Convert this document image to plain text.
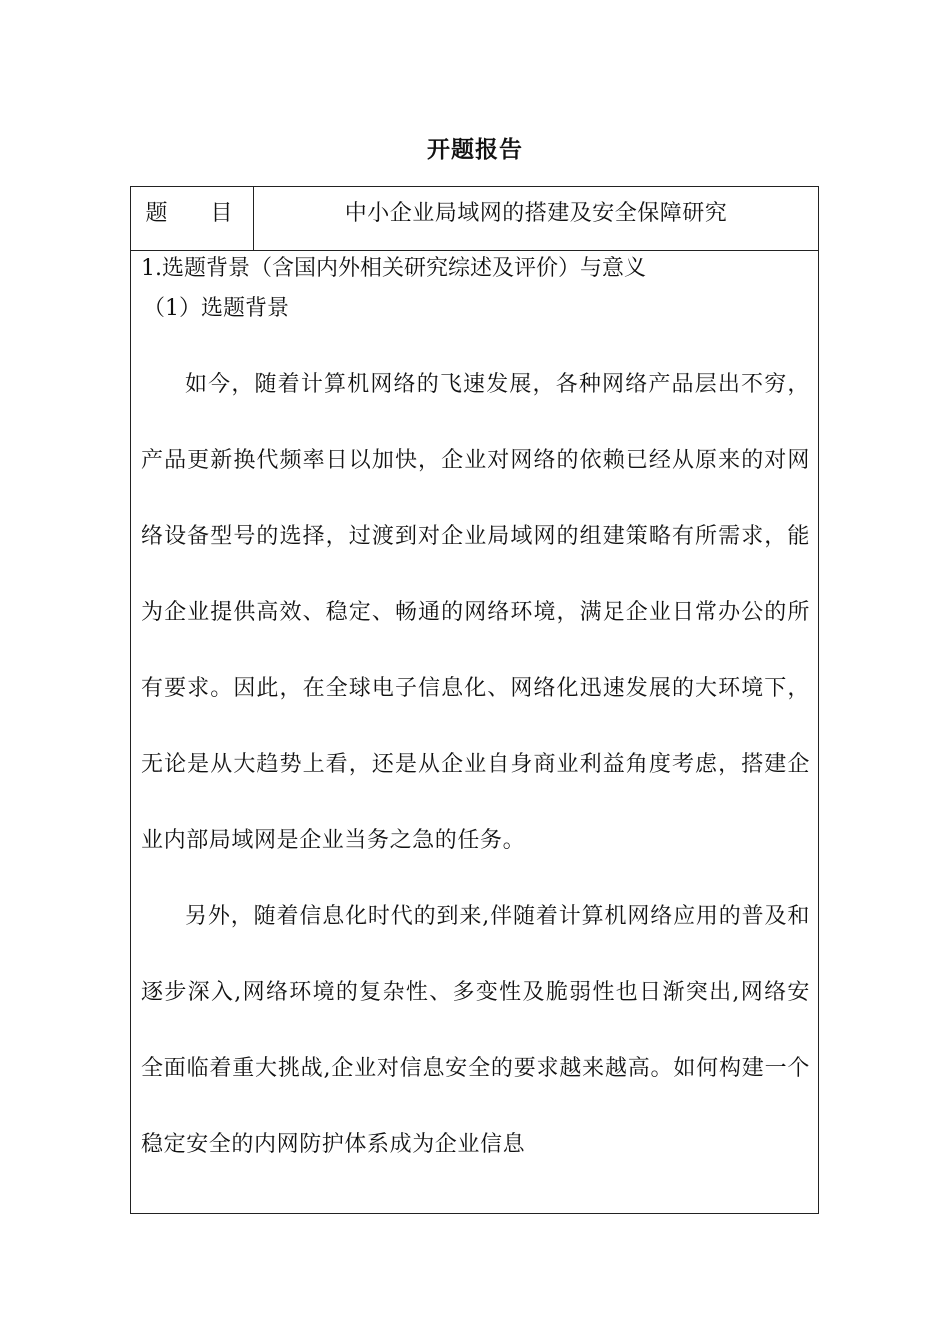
开题报告
题 目	中小企业局域网的搭建及安全保障研究
1.选题背景（含国内外相关研究综述及评价）与意义
（1）选题背景

如今，随着计算机网络的飞速发展，各种网络产品层出不穷，产品更新换代频率日以加快，企业对网络的依赖已经从原来的对网络设备型号的选择，过渡到对企业局域网的组建策略有所需求，能为企业提供高效、稳定、畅通的网络环境，满足企业日常办公的所有要求。因此，在全球电子信息化、网络化迅速发展的大环境下，无论是从大趋势上看，还是从企业自身商业利益角度考虑，搭建企业内部局域网是企业当务之急的任务。

另外，随着信息化时代的到来,伴随着计算机网络应用的普及和逐步深入,网络环境的复杂性、多变性及脆弱性也日渐突出,网络安全面临着重大挑战,企业对信息安全的要求越来越高。如何构建一个稳定安全的内网防护体系成为企业信息
